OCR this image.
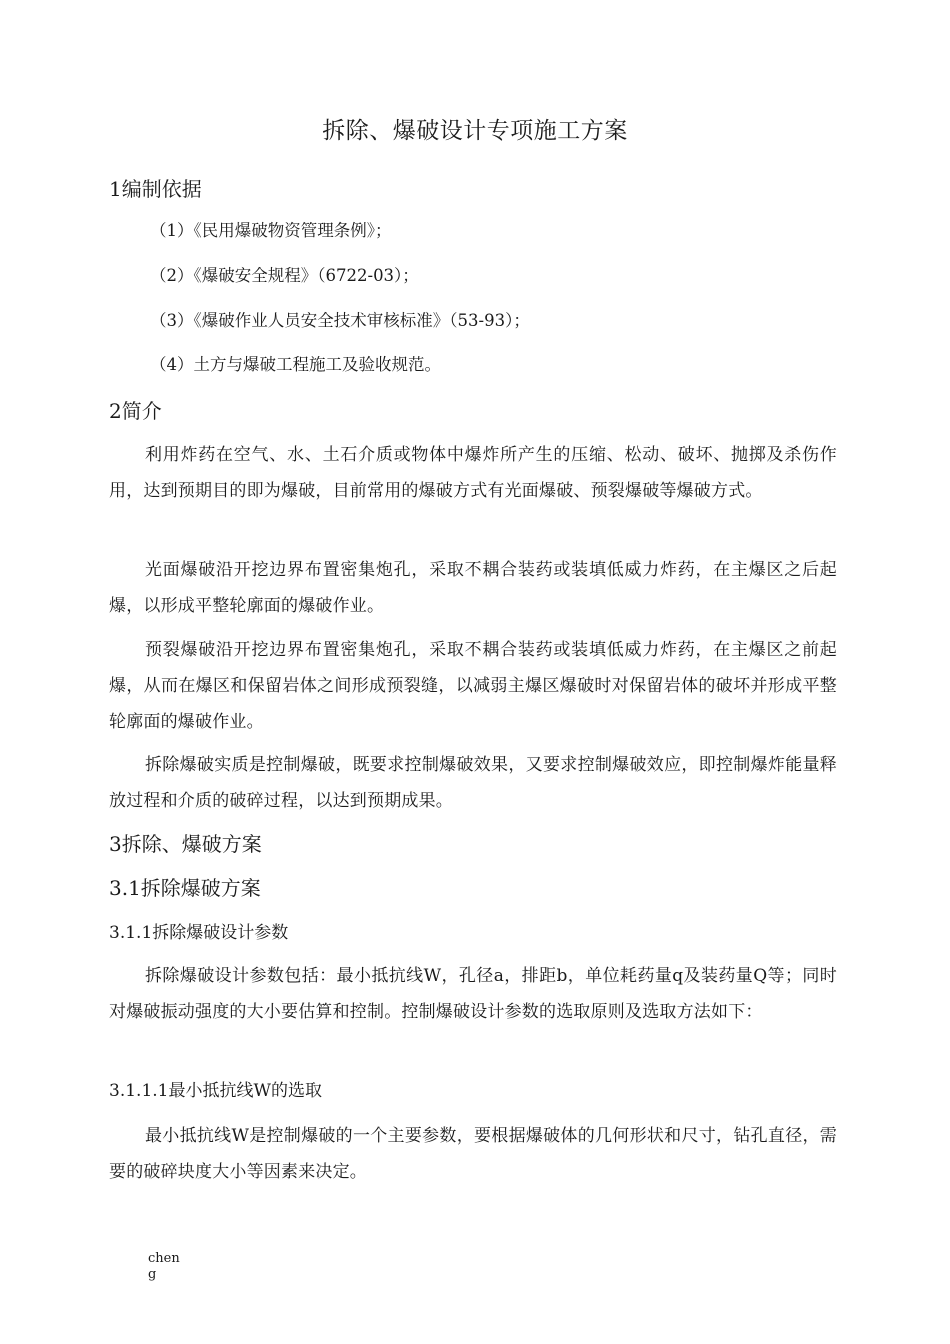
拆除、爆破设计专项施工方案
1编制依据
（1）《民用爆破物资管理条例》；
（2）《爆破安全规程》（6722-03）；
（3）《爆破作业人员安全技术审核标准》（53-93）；
（4）土方与爆破工程施工及验收规范。
2简介
利用炸药在空气、水、土石介质或物体中爆炸所产生的压缩、松动、破坏、抛掷及杀伤作用，达到预期目的即为爆破，目前常用的爆破方式有光面爆破、预裂爆破等爆破方式。
光面爆破沿开挖边界布置密集炮孔，采取不耦合装药或装填低威力炸药，在主爆区之后起爆，以形成平整轮廓面的爆破作业。
预裂爆破沿开挖边界布置密集炮孔，采取不耦合装药或装填低威力炸药，在主爆区之前起爆，从而在爆区和保留岩体之间形成预裂缝，以减弱主爆区爆破时对保留岩体的破坏并形成平整轮廓面的爆破作业。
拆除爆破实质是控制爆破，既要求控制爆破效果，又要求控制爆破效应，即控制爆炸能量释放过程和介质的破碎过程，以达到预期成果。
3拆除、爆破方案
3.1拆除爆破方案
3.1.1拆除爆破设计参数
拆除爆破设计参数包括：最小抵抗线W，孔径a，排距b，单位耗药量q及装药量Q等；同时对爆破振动强度的大小要估算和控制。控制爆破设计参数的选取原则及选取方法如下：
3.1.1.1最小抵抗线W的选取
最小抵抗线W是控制爆破的一个主要参数，要根据爆破体的几何形状和尺寸，钻孔直径，需要的破碎块度大小等因素来决定。
cheng
